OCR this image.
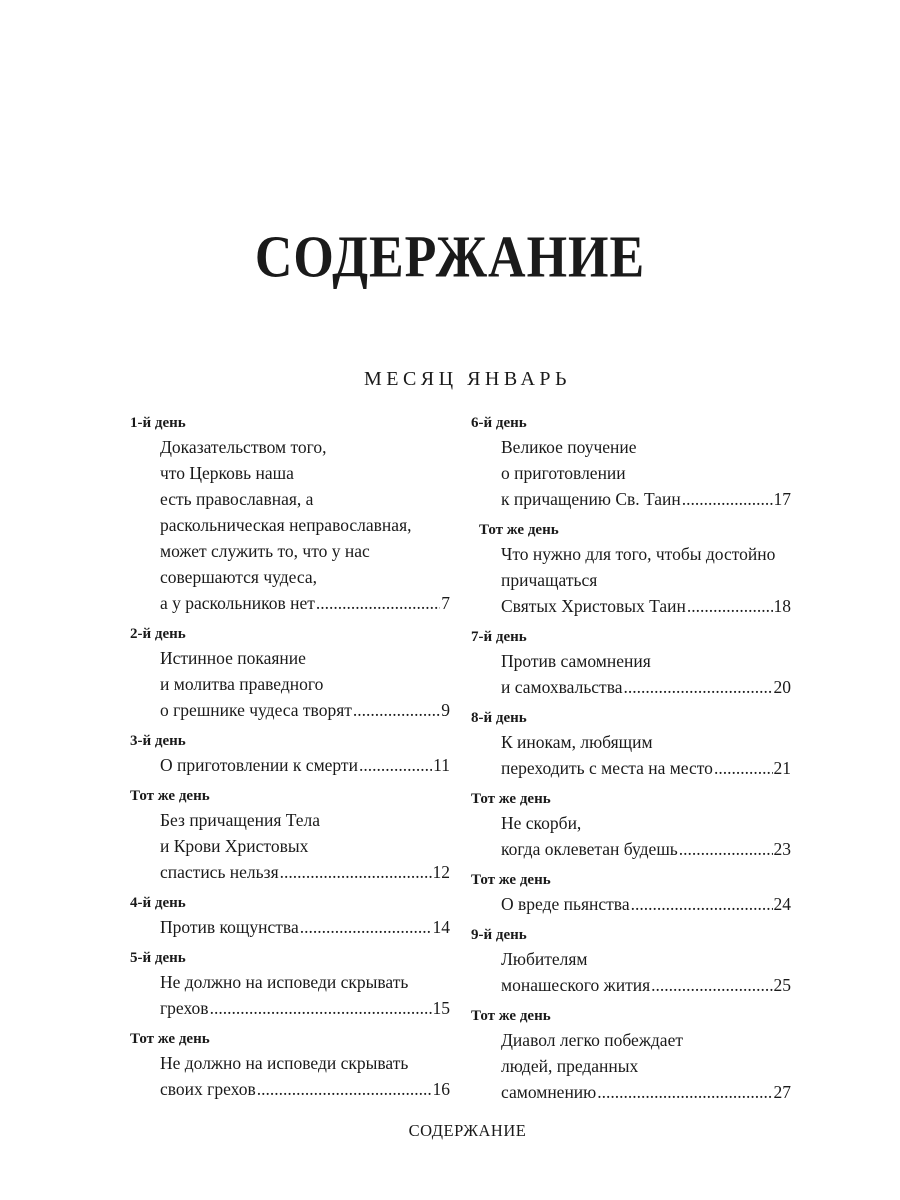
СОДЕРЖАНИЕ
МЕСЯЦ ЯНВАРЬ
1-й день
Доказательством того,
что Церковь наша
есть православная, а
раскольническая неправославная,
может служить то, что у нас
совершаются чудеса,
а у раскольников нет .....	7
2-й день
Истинное покаяние
и молитва праведного
о грешнике чудеса творят .....	9
3-й день
О приготовлении к смерти .....	11
Тот же день
Без причащения Тела
и Крови Христовых
спастись нельзя .....	12
4-й день
Против кощунства .....	14
5-й день
Не должно на исповеди скрывать
грехов .....	15
Тот же день
Не должно на исповеди скрывать
своих грехов .....	16
6-й день
Великое поучение
о приготовлении
к причащению Св. Таин .....	17
Тот же день
Что нужно для того, чтобы достойно
причащаться
Святых Христовых Таин .....	18
7-й день
Против самомнения
и самохвальства .....	20
8-й день
К инокам, любящим
переходить с места на место .....	21
Тот же день
Не скорби,
когда оклеветан будешь .....	23
Тот же день
О вреде пьянства .....	24
9-й день
Любителям
монашеского жития .....	25
Тот же день
Диавол легко побеждает
людей, преданных
самомнению .....	27
СОДЕРЖАНИЕ
